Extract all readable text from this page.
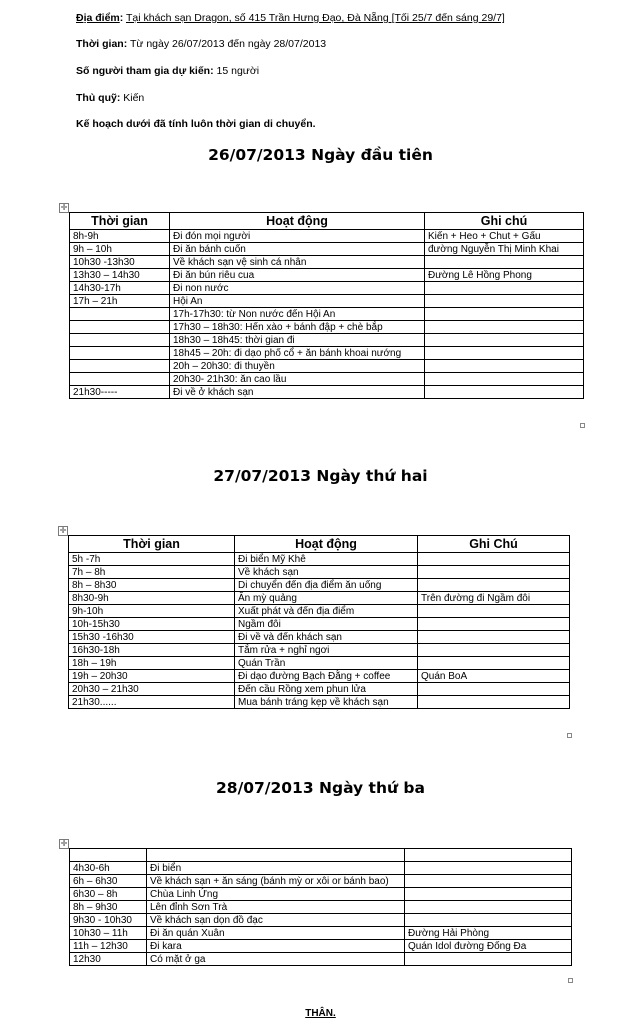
Địa điểm: Tại khách sạn Dragon, số 415 Trần Hưng Đạo, Đà Nẵng [Tối 25/7 đến sáng 29/7]
Thời gian: Từ ngày 26/07/2013 đến ngày 28/07/2013
Số người tham gia dự kiến: 15 người
Thủ quỹ: Kiến
Kế hoạch dưới đã tính luôn thời gian di chuyển.
26/07/2013 Ngày đầu tiên
✛
Thời gian	Hoạt động	Ghi chú
8h-9h	Đi đón mọi người	Kiến + Heo + Chut + Gấu
9h – 10h	Đi ăn bánh cuốn	đường Nguyễn Thị Minh Khai
10h30 -13h30	Về khách sạn vệ sinh cá nhân	
13h30 – 14h30	Đi ăn bún riêu cua	Đường Lê Hồng Phong
14h30-17h	Đi non nước	
17h – 21h	Hội An	
	17h-17h30: từ Non nước đến Hội An	
	17h30 – 18h30: Hến xào + bánh đập + chè bắp	
	18h30 – 18h45: thời gian đi	
	18h45 – 20h: đi dạo phố cổ + ăn bánh khoai nướng	
	20h – 20h30: đi thuyền	
	20h30- 21h30: ăn cao lầu	
21h30-----	Đi về ở khách sạn	
27/07/2013 Ngày thứ hai
✛
Thời gian	Hoạt động	Ghi Chú
5h -7h	Đi biển Mỹ Khê	
7h – 8h	Về khách sạn	
8h – 8h30	Di chuyển đến địa điểm ăn uống	
8h30-9h	Ăn mỳ quảng	Trên đường đi Ngầm đôi
9h-10h	Xuất phát và đến địa điểm	
10h-15h30	Ngầm đôi	
15h30 -16h30	Đi về và đến khách sạn	
16h30-18h	Tắm rửa + nghỉ ngơi	
18h – 19h	Quán Trần	
19h – 20h30	Đi dạo đường Bạch Đằng + coffee	Quán BoA
20h30 – 21h30	Đến cầu Rồng xem phun lửa	
21h30......	Mua bánh tráng kẹp về khách sạn	
28/07/2013 Ngày thứ ba
✛

4h30-6h	Đi biển	
6h – 6h30	Về khách sạn + ăn sáng (bánh mỳ or xôi or bánh bao)	
6h30 – 8h	Chùa Linh Ứng	
8h – 9h30	Lên đỉnh Sơn Trà	
9h30 - 10h30	Về khách sạn dọn đồ đạc	
10h30 – 11h	Đi ăn quán Xuân	Đường Hải Phòng
11h – 12h30	Đi kara	Quán Idol đường Đống Đa
12h30	Có mặt ở ga	
THÂN.
